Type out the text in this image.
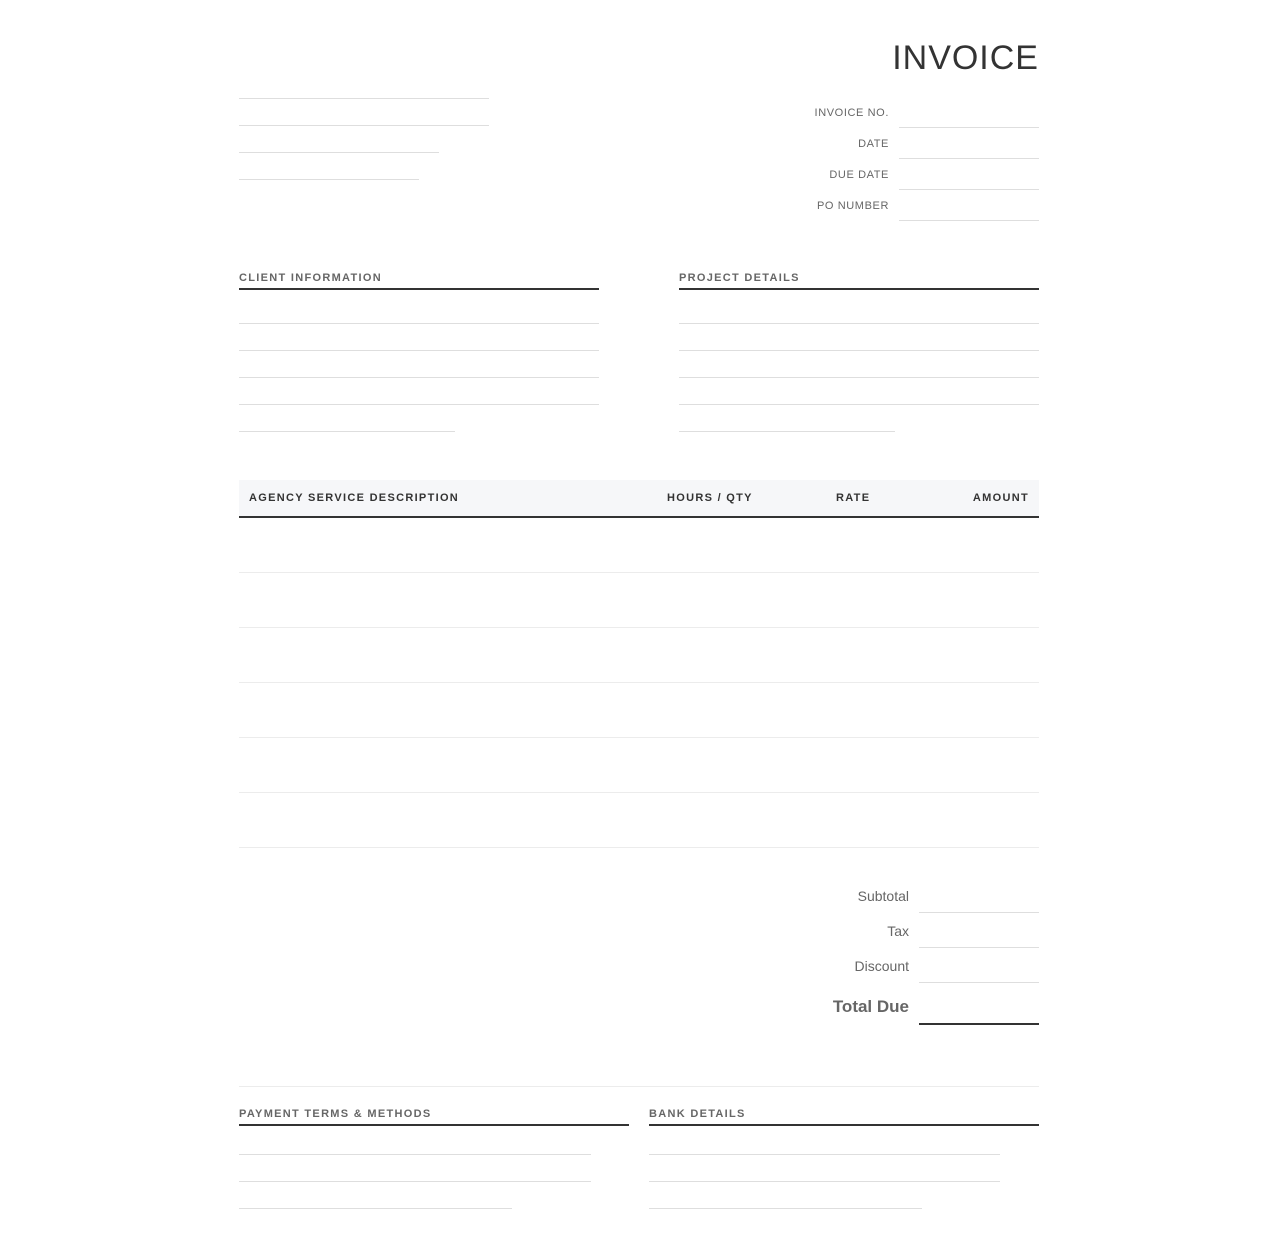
INVOICE
INVOICE NO.
DATE
DUE DATE
PO NUMBER
CLIENT INFORMATION	PROJECT DETAILS
AGENCY SERVICE DESCRIPTION	HOURS / QTY	RATE	AMOUNT
Subtotal
Tax
Discount
Total Due
PAYMENT TERMS & METHODS	BANK DETAILS
